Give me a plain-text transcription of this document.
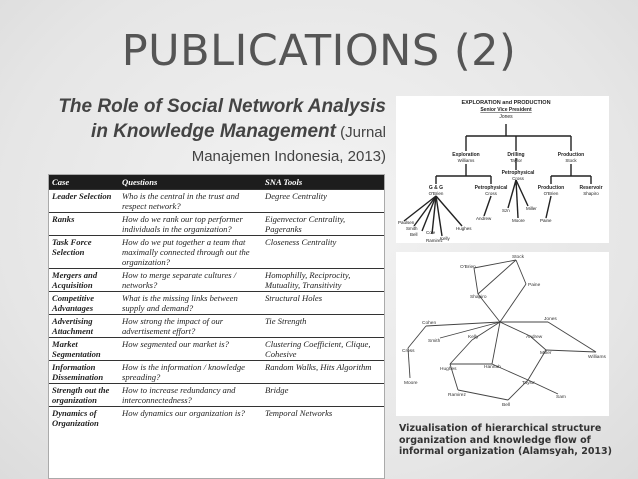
PUBLICATIONS (2)
The Role of Social Network Analysis
in Knowledge Management (Jurnal
Manajemen Indonesia, 2013)
Case	Questions	SNA Tools
Leader Selection	Who is the central in the trust and respect network?	Degree Centrality
Ranks	How do we rank our top performer individuals in the organization?	Eigenvector Centrality, Pageranks
Task Force Selection	How do we put together a team that maximally connected through out the organization?	Closeness Centrality
Mergers and Acquisition	How to merge separate cultures / networks?	Homophilly, Reciprocity, Mutuality, Transitivity
Competitive Advantages	What is the missing links between supply and demand?	Structural Holes
Advertising Attachment	How strong the impact of our advertisement effort?	Tie Strength
Market Segmentation	How segmented our market is?	Clustering Coefficient, Clique, Cohesive
Information Dissemination	How is the information / knowledge spreading?	Random Walks, Hits Algorithm
Strength out the organization	How to increase redundancy and interconnectedness?	Bridge
Dynamics of Organization	How dynamics our organization is?	Temporal Networks
EXPLORATION and PRODUCTION
Senior Vice President
Jones
Exploration
Williams
Drilling
Taylor
Production
Stock
Petrophysical
Cross
G & G
O'Brien
Petrophysical
Cross
Production
O'Brien
Reservoir
Shapiro
Paulsen
Smith
Bell Cole
Kelly
Ramirez
Hughes
Andrew
Szn	Miller
Moore	Paine
Stock
O'Brien
Paine
Shapiro
Cohen
Jones
Smith
Kelly	Andrew
Miller
Williams
Cross
Hughes	Hannah
Taylor
Moore
Ramirez
Bell
Sam
Vizualisation of hierarchical structure organization and knowledge flow of informal organization (Alamsyah, 2013)
